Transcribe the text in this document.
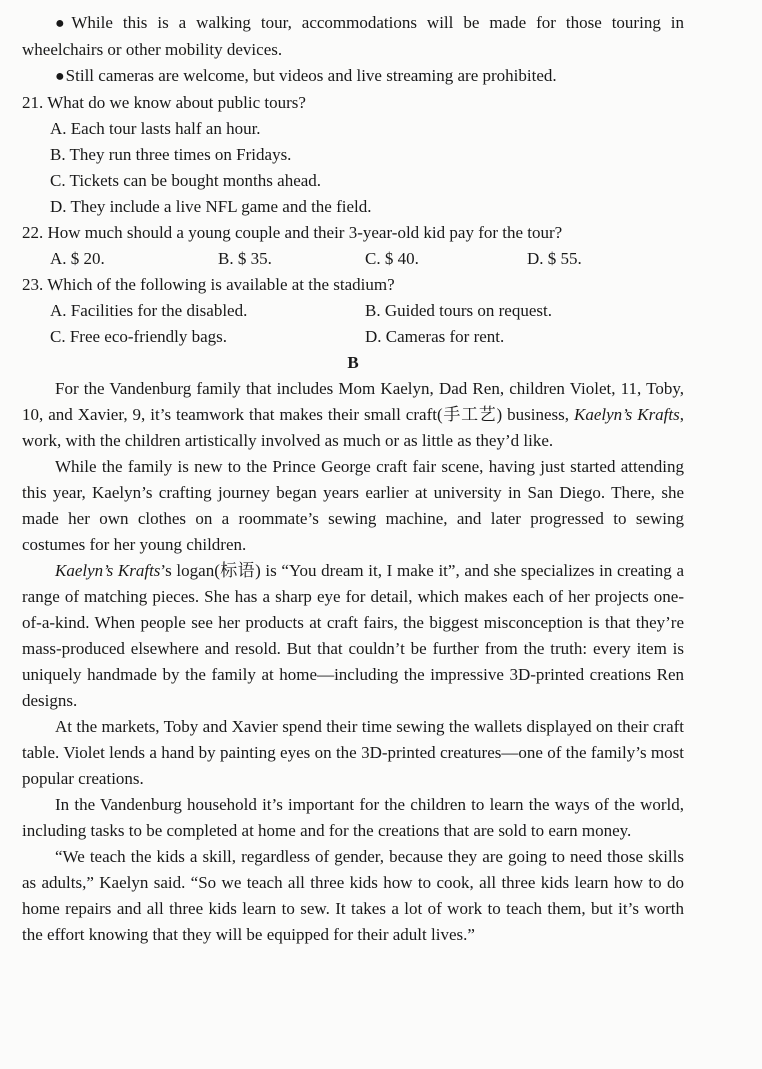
●While this is a walking tour, accommodations will be made for those touring in wheelchairs or other mobility devices.
●Still cameras are welcome, but videos and live streaming are prohibited.
21. What do we know about public tours?
A. Each tour lasts half an hour.
B. They run three times on Fridays.
C. Tickets can be bought months ahead.
D. They include a live NFL game and the field.
22. How much should a young couple and their 3-year-old kid pay for the tour?
A. $ 20.	B. $ 35.	C. $ 40.	D. $ 55.
23. Which of the following is available at the stadium?
A. Facilities for the disabled.	B. Guided tours on request.
C. Free eco-friendly bags.	D. Cameras for rent.
B
For the Vandenburg family that includes Mom Kaelyn, Dad Ren, children Violet, 11, Toby, 10, and Xavier, 9, it’s teamwork that makes their small craft(手工艺) business, Kaelyn’s Krafts, work, with the children artistically involved as much or as little as they’d like.
While the family is new to the Prince George craft fair scene, having just started attending this year, Kaelyn’s crafting journey began years earlier at university in San Diego. There, she made her own clothes on a roommate’s sewing machine, and later progressed to sewing costumes for her young children.
Kaelyn’s Krafts’s logan(标语) is “You dream it, I make it”, and she specializes in creating a range of matching pieces. She has a sharp eye for detail, which makes each of her projects one-of-a-kind. When people see her products at craft fairs, the biggest misconception is that they’re mass-produced elsewhere and resold. But that couldn’t be further from the truth: every item is uniquely handmade by the family at home—including the impressive 3D-printed creations Ren designs.
At the markets, Toby and Xavier spend their time sewing the wallets displayed on their craft table. Violet lends a hand by painting eyes on the 3D-printed creatures—one of the family’s most popular creations.
In the Vandenburg household it’s important for the children to learn the ways of the world, including tasks to be completed at home and for the creations that are sold to earn money.
“We teach the kids a skill, regardless of gender, because they are going to need those skills as adults,” Kaelyn said. “So we teach all three kids how to cook, all three kids learn how to do home repairs and all three kids learn to sew. It takes a lot of work to teach them, but it’s worth the effort knowing that they will be equipped for their adult lives.”
